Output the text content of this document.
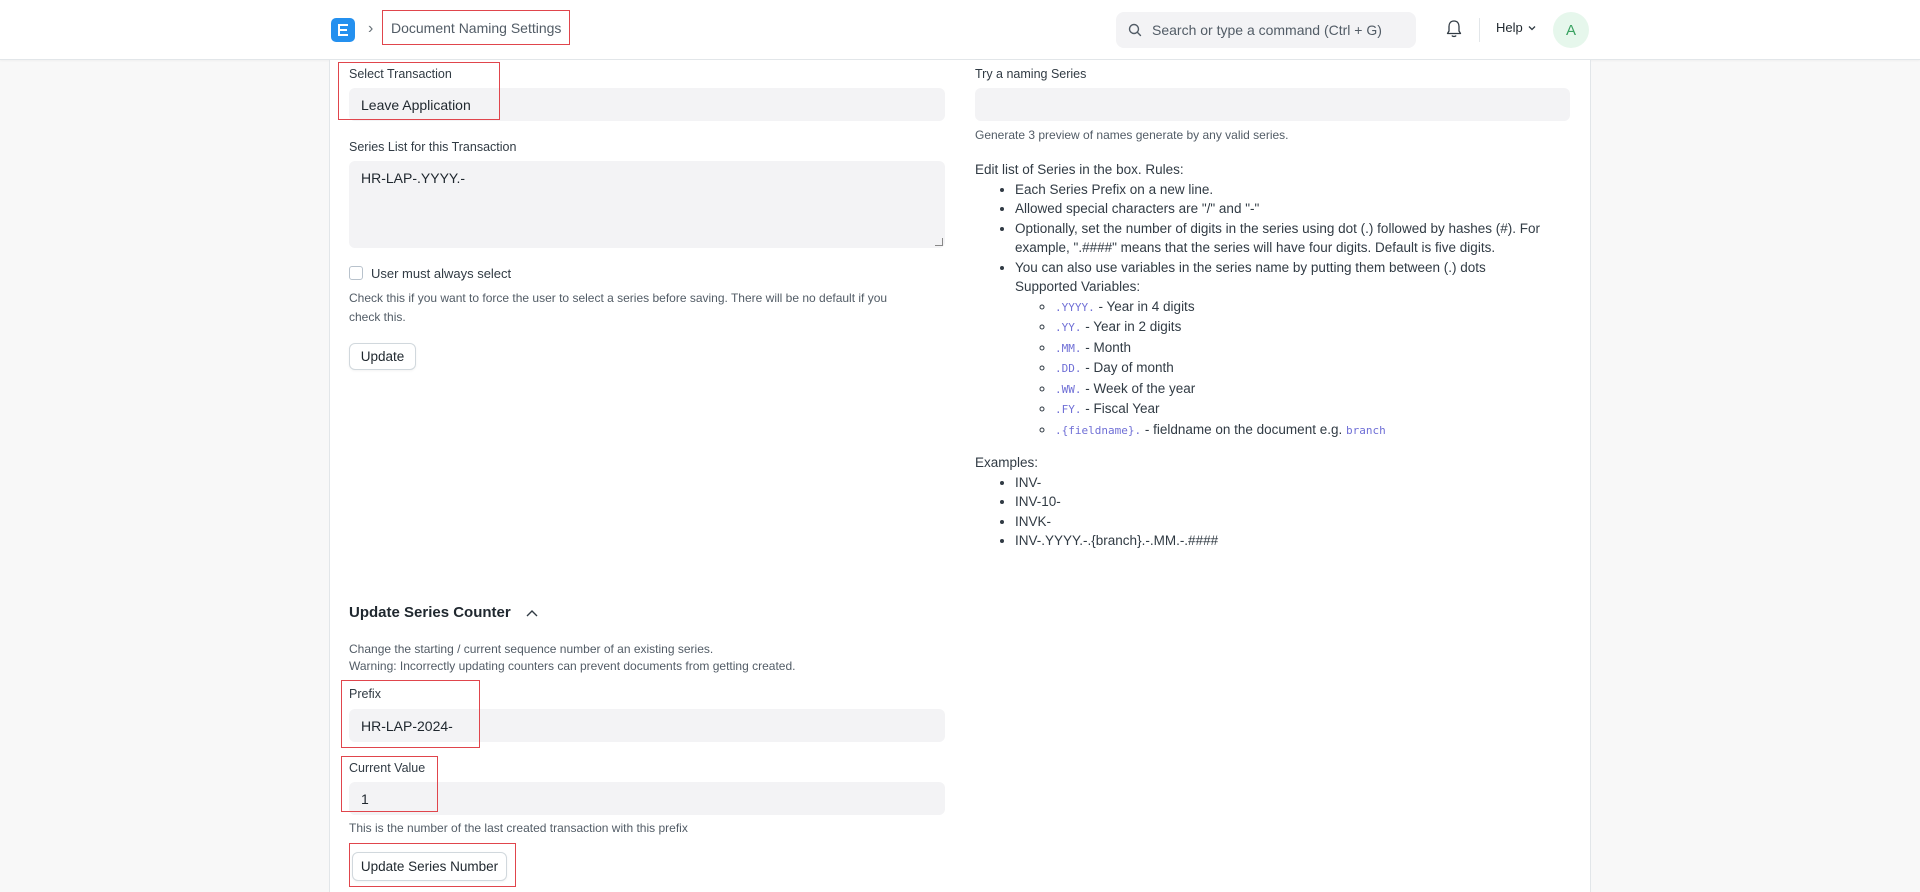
›	Document Naming Settings	Search or type a command (Ctrl + G)	Help	A
Select Transaction
Leave Application
Series List for this Transaction
HR-LAP-.YYYY.-
User must always select
Check this if you want to force the user to select a series before saving. There will be no default if you
check this.
Update
Try a naming Series
Generate 3 preview of names generate by any valid series.
Edit list of Series in the box. Rules:
• Each Series Prefix on a new line.
• Allowed special characters are "/" and "-"
• Optionally, set the number of digits in the series using dot (.) followed by hashes (#). For example, ".####" means that the series will have four digits. Default is five digits.
• You can also use variables in the series name by putting them between (.) dots
Supported Variables:
◦ .YYYY. - Year in 4 digits
◦ .YY. - Year in 2 digits
◦ .MM. - Month
◦ .DD. - Day of month
◦ .WW. - Week of the year
◦ .FY. - Fiscal Year
◦ .{fieldname}. - fieldname on the document e.g. branch
Examples:
• INV-
• INV-10-
• INVK-
• INV-.YYYY.-.{branch}.-.MM.-.####
Update Series Counter
Change the starting / current sequence number of an existing series.
Warning: Incorrectly updating counters can prevent documents from getting created.
Prefix
HR-LAP-2024-
Current Value
1
This is the number of the last created transaction with this prefix
Update Series Number
